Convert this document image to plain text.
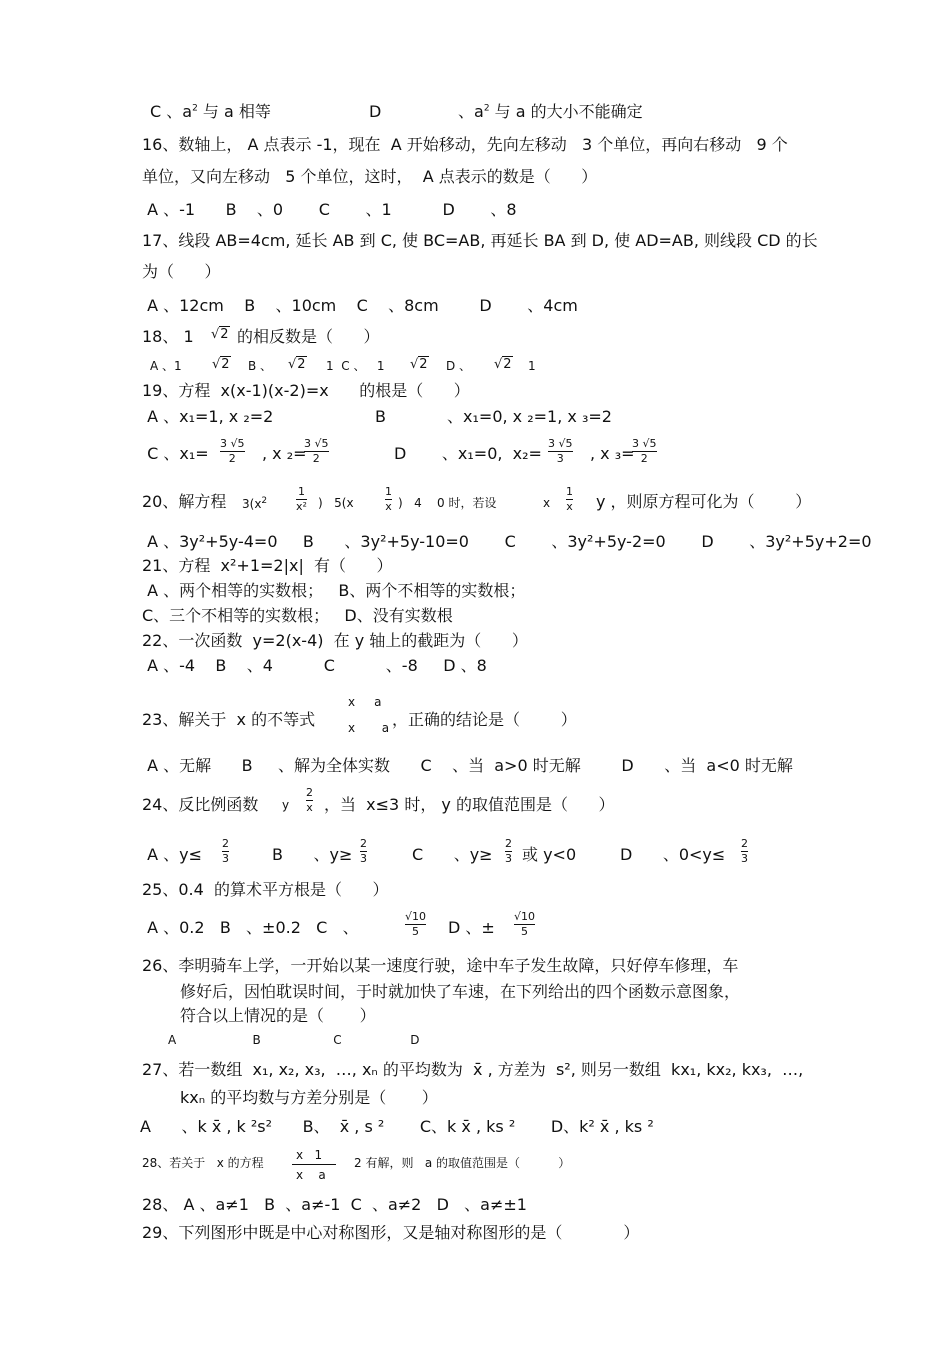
C 、$a^2$ 与 a 相等	D	、$a^2$ 与 a 的大小不能确定
16、数轴上， A 点表示 -1，现在  A 开始移动，先向左移动   3 个单位，再向右移动   9 个
单位，又向左移动   5 个单位，这时，  A 点表示的数是（      ）
A 、-1      B    、0       C       、1          D       、8
17、线段 AB=4cm, 延长 AB 到 C, 使 BC=AB, 再延长 BA 到 D, 使 AD=AB, 则线段 CD 的长
为（      ）
A 、12cm    B    、10cm    C    、8cm        D       、4cm
18、 1 √2 的相反数是（      ）
A 、1 √2 B 、 √2 1  C 、   1 √2 D 、 √2 1
19、方程  x(x-1)(x-2)=x      的根是（      ）
A 、x₁=1, x ₂=2                    B            、x₁=0, x ₂=1, x ₃=2
C 、x₁=
3 √5
2	, x ₂=
3 √5
2	D       、x₁=0,  x₂=
3 √5
3	, x ₃=
3 √5
2
20、解方程 $3(x^2$
1
x² )   5(x
1
x )   4    0 时，若设	x
1
x y ，则原方程可化为（        ）
A 、3y²+5y-4=0     B      、3y²+5y-10=0       C       、3y²+5y-2=0       D       、3y²+5y+2=0
21、方程  x²+1=2|x|  有（      ）
A 、两个相等的实数根；   B、两个不相等的实数根；
C、三个不相等的实数根；   D、没有实数根
22、一次函数  y=2(x-4)  在 y 轴上的截距为（      ）
A 、-4    B    、4          C          、-8     D 、8
23、解关于  x 的不等式
x     a
x       a ，正确的结论是（        ）
A 、无解      B     、解为全体实数      C    、当  a>0 时无解        D      、当  a<0 时无解
24、反比例函数 y
2
x ，当  x≤3 时， y 的取值范围是（      ）
A 、y≤
2
3	B      、y≥
2
3	C      、y≥
2
3 或 y<0	D      、0<y≤
2
3
25、0.4  的算术平方根是（      ）
A 、0.2   B   、±0.2   C   、
√10
5	D 、±
√10
5
26、李明骑车上学，一开始以某一速度行驶，途中车子发生故障，只好停车修理，车
修好后，因怕耽误时间，于时就加快了车速，在下列给出的四个函数示意图象，
符合以上情况的是（       ）
A                    B                   C                  D
27、若一数组  x₁, x₂, x₃,  …, xₙ 的平均数为  x̄ , 方差为  s², 则另一数组  kx₁, kx₂, kx₃,  …,
kxₙ 的平均数与方差分别是（       ）
A      、k x̄ , k ²s²      B、  x̄ , s ²       C、k x̄ , ks ²       D、k² x̄ , ks ²
28、若关于   x 的方程
x   1
x    a
2 有解，则   a 的取值范围是（          ）
28、 A 、a≠1   B  、a≠-1  C  、a≠2   D   、a≠±1
29、下列图形中既是中心对称图形，又是轴对称图形的是（            ）
